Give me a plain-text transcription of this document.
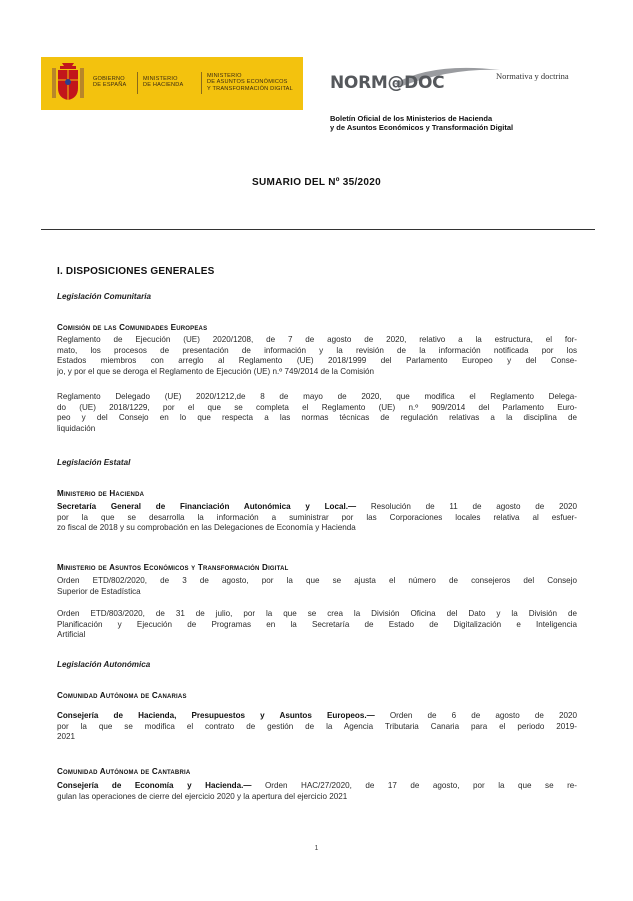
GOBIERNO
DE ESPAÑA
MINISTERIO
DE HACIENDA
MINISTERIO
DE ASUNTOS ECONÓMICOS
Y TRANSFORMACIÓN DIGITAL NORM@DOC	Normativa y doctrina
Boletín Oficial de los Ministerios de Hacienda
y de Asuntos Económicos y Transformación Digital
SUMARIO DEL Nº 35/2020
I. DISPOSICIONES GENERALES
Legislación Comunitaria
Comisión de las Comunidades Europeas
Reglamento de Ejecución (UE) 2020/1208, de 7 de agosto de 2020, relativo a la estructura, el for-
mato, los procesos de presentación de información y la revisión de la información notificada por los
Estados miembros con arreglo al Reglamento (UE) 2018/1999 del Parlamento Europeo y del Conse-
jo, y por el que se deroga el Reglamento de Ejecución (UE) n.º 749/2014 de la Comisión
Reglamento Delegado (UE) 2020/1212,de 8 de mayo de 2020, que modifica el Reglamento Delega-
do (UE) 2018/1229, por el que se completa el Reglamento (UE) n.º 909/2014 del Parlamento Euro-
peo y del Consejo en lo que respecta a las normas técnicas de regulación relativas a la disciplina de
liquidación
Legislación Estatal
Ministerio de Hacienda
Secretaría General de Financiación Autonómica y Local.— Resolución de 11 de agosto de 2020
por la que se desarrolla la información a suministrar por las Corporaciones locales relativa al esfuer-
zo fiscal de 2018 y su comprobación en las Delegaciones de Economía y Hacienda
Ministerio de Asuntos Económicos y Transformación Digital
Orden ETD/802/2020, de 3 de agosto, por la que se ajusta el número de consejeros del Consejo
Superior de Estadística
Orden ETD/803/2020, de 31 de julio, por la que se crea la División Oficina del Dato y la División de
Planificación y Ejecución de Programas en la Secretaría de Estado de Digitalización e Inteligencia
Artificial
Legislación Autonómica
Comunidad Autónoma de Canarias
Consejería de Hacienda, Presupuestos y Asuntos Europeos.— Orden de 6 de agosto de 2020
por la que se modifica el contrato de gestión de la Agencia Tributaria Canaria para el periodo 2019-
2021
Comunidad Autónoma de Cantabria
Consejería de Economía y Hacienda.— Orden HAC/27/2020, de 17 de agosto, por la que se re-
gulan las operaciones de cierre del ejercicio 2020 y la apertura del ejercicio 2021
1
